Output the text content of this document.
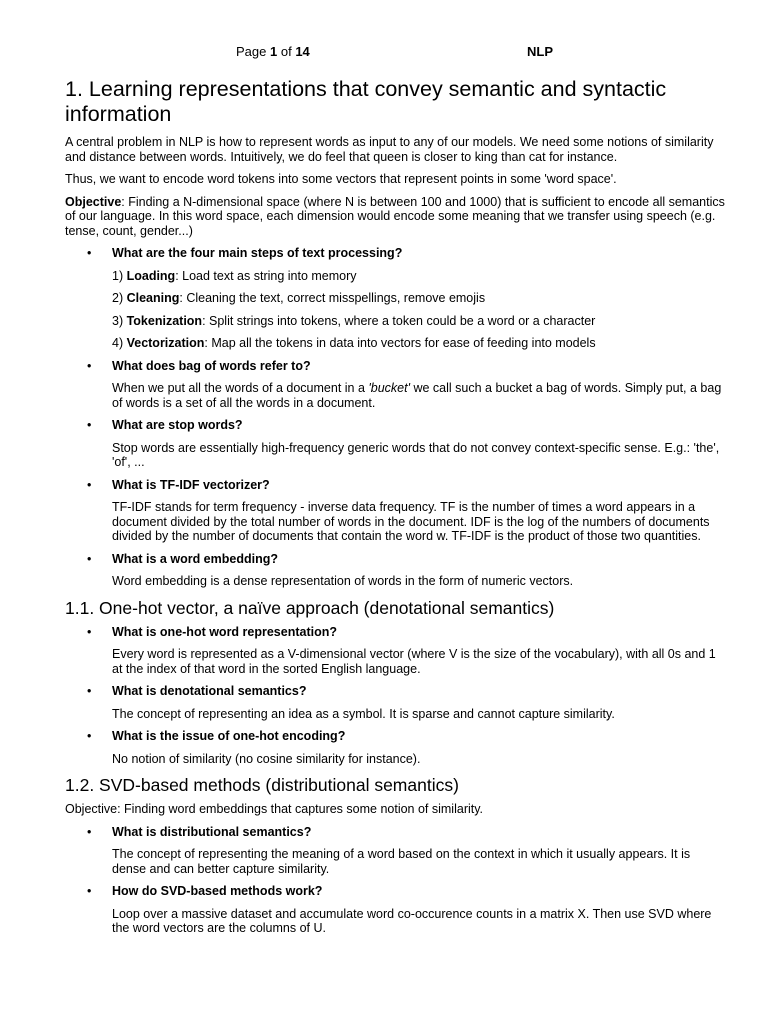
Page 1 of 14	NLP
1. Learning representations that convey semantic and syntactic information

A central problem in NLP is how to represent words as input to any of our models. We need some notions of similarity and distance between words. Intuitively, we do feel that queen is closer to king than cat for instance.

Thus, we want to encode word tokens into some vectors that represent points in some 'word space'.

Objective: Finding a N-dimensional space (where N is between 100 and 1000) that is sufficient to encode all semantics of our language. In this word space, each dimension would encode some meaning that we transfer using speech (e.g. tense, count, gender...)

• What are the four main steps of text processing?
1) Loading: Load text as string into memory
2) Cleaning: Cleaning the text, correct misspellings, remove emojis
3) Tokenization: Split strings into tokens, where a token could be a word or a character
4) Vectorization: Map all the tokens in data into vectors for ease of feeding into models
• What does bag of words refer to?

When we put all the words of a document in a 'bucket' we call such a bucket a bag of words. Simply put, a bag of words is a set of all the words in a document.

• What are stop words?

Stop words are essentially high-frequency generic words that do not convey context-specific sense. E.g.: 'the', 'of', ...

• What is TF-IDF vectorizer?

TF-IDF stands for term frequency - inverse data frequency. TF is the number of times a word appears in a document divided by the total number of words in the document. IDF is the log of the numbers of documents divided by the number of documents that contain the word w. TF-IDF is the product of those two quantities.

• What is a word embedding?

Word embedding is a dense representation of words in the form of numeric vectors.

1.1. One-hot vector, a naïve approach (denotational semantics)
• What is one-hot word representation?

Every word is represented as a V-dimensional vector (where V is the size of the vocabulary), with all 0s and 1 at the index of that word in the sorted English language.

• What is denotational semantics?

The concept of representing an idea as a symbol. It is sparse and cannot capture similarity.

• What is the issue of one-hot encoding?

No notion of similarity (no cosine similarity for instance).

1.2. SVD-based methods (distributional semantics)

Objective: Finding word embeddings that captures some notion of similarity.

• What is distributional semantics?

The concept of representing the meaning of a word based on the context in which it usually appears. It is dense and can better capture similarity.

• How do SVD-based methods work?

Loop over a massive dataset and accumulate word co-occurence counts in a matrix X. Then use SVD where the word vectors are the columns of U.
